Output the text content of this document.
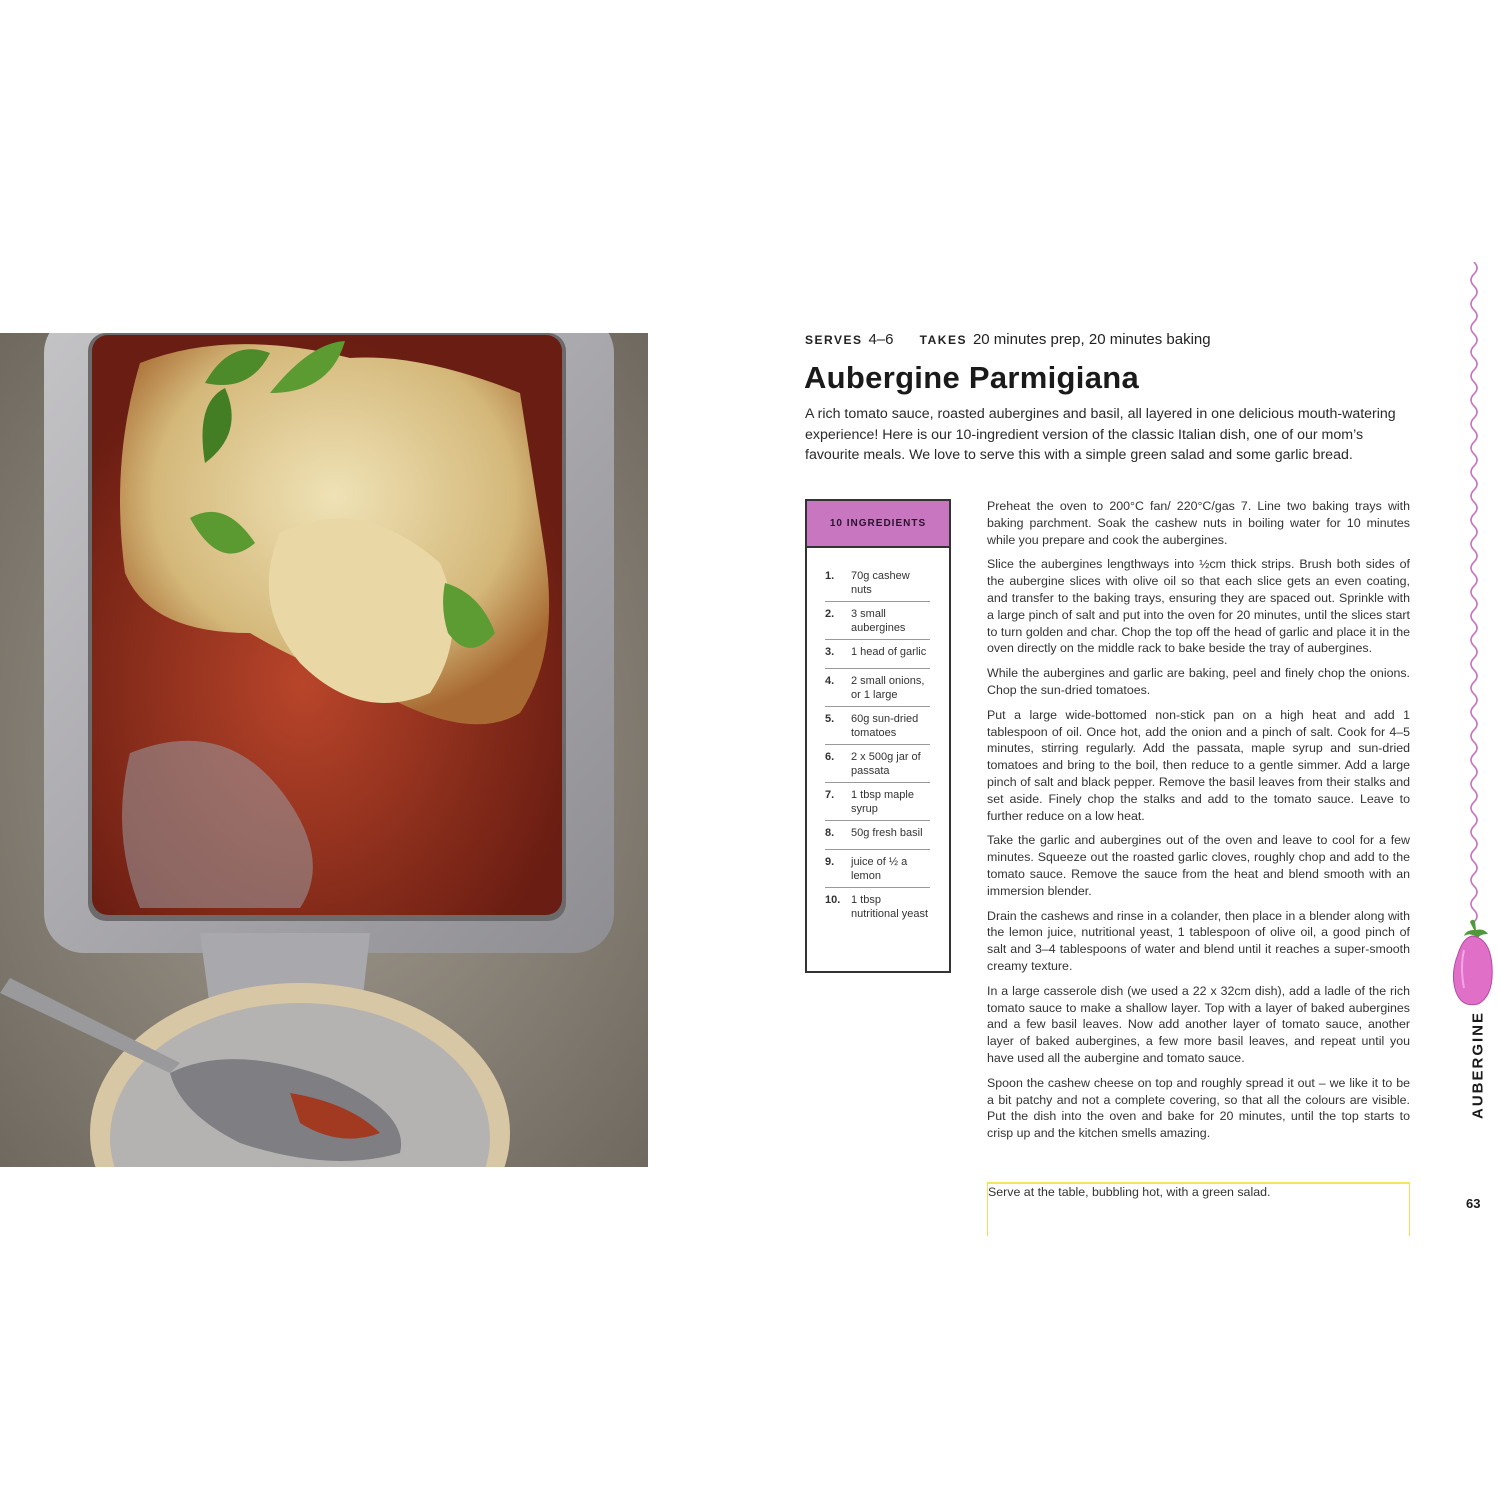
SERVES 4–6 TAKES 20 minutes prep, 20 minutes baking
Aubergine Parmigiana

A rich tomato sauce, roasted aubergines and basil, all layered in one delicious mouth-watering experience! Here is our 10-ingredient version of the classic Italian dish, one of our mom’s favourite meals. We love to serve this with a simple green salad and some garlic bread.

10 INGREDIENTS
1.	70g cashew nuts
2.	3 small aubergines
3.	1 head of garlic
4.	2 small onions, or 1 large
5.	60g sun-dried tomatoes
6.	2 x 500g jar of passata
7.	1 tbsp maple syrup
8.	50g fresh basil
9.	juice of ½ a lemon
10. 1 tbsp nutritional yeast

Preheat the oven to 200°C fan/ 220°C/gas 7. Line two baking trays with baking parchment. Soak the cashew nuts in boiling water for 10 minutes while you prepare and cook the aubergines.

Slice the aubergines lengthways into ½cm thick strips. Brush both sides of the aubergine slices with olive oil so that each slice gets an even coating, and transfer to the baking trays, ensuring they are spaced out. Sprinkle with a large pinch of salt and put into the oven for 20 minutes, until the slices start to turn golden and char. Chop the top off the head of garlic and place it in the oven directly on the middle rack to bake beside the tray of aubergines.

While the aubergines and garlic are baking, peel and finely chop the onions. Chop the sun-dried tomatoes.

Put a large wide-bottomed non-stick pan on a high heat and add 1 tablespoon of oil. Once hot, add the onion and a pinch of salt. Cook for 4–5 minutes, stirring regularly. Add the passata, maple syrup and sun-dried tomatoes and bring to the boil, then reduce to a gentle simmer. Add a large pinch of salt and black pepper. Remove the basil leaves from their stalks and set aside. Finely chop the stalks and add to the tomato sauce. Leave to further reduce on a low heat.

Take the garlic and aubergines out of the oven and leave to cool for a few minutes. Squeeze out the roasted garlic cloves, roughly chop and add to the tomato sauce. Remove the sauce from the heat and blend smooth with an immersion blender.

Drain the cashews and rinse in a colander, then place in a blender along with the lemon juice, nutritional yeast, 1 tablespoon of olive oil, a good pinch of salt and 3–4 tablespoons of water and blend until it reaches a super-smooth creamy texture.

In a large casserole dish (we used a 22 x 32cm dish), add a ladle of the rich tomato sauce to make a shallow layer. Top with a layer of baked aubergines and a few basil leaves. Now add another layer of tomato sauce, another layer of baked aubergines, a few more basil leaves, and repeat until you have used all the aubergine and tomato sauce.

Spoon the cashew cheese on top and roughly spread it out – we like it to be a bit patchy and not a complete covering, so that all the colours are visible. Put the dish into the oven and bake for 20 minutes, until the top starts to crisp up and the kitchen smells amazing.

Serve at the table, bubbling hot, with a green salad.
AUBERGINE
63
